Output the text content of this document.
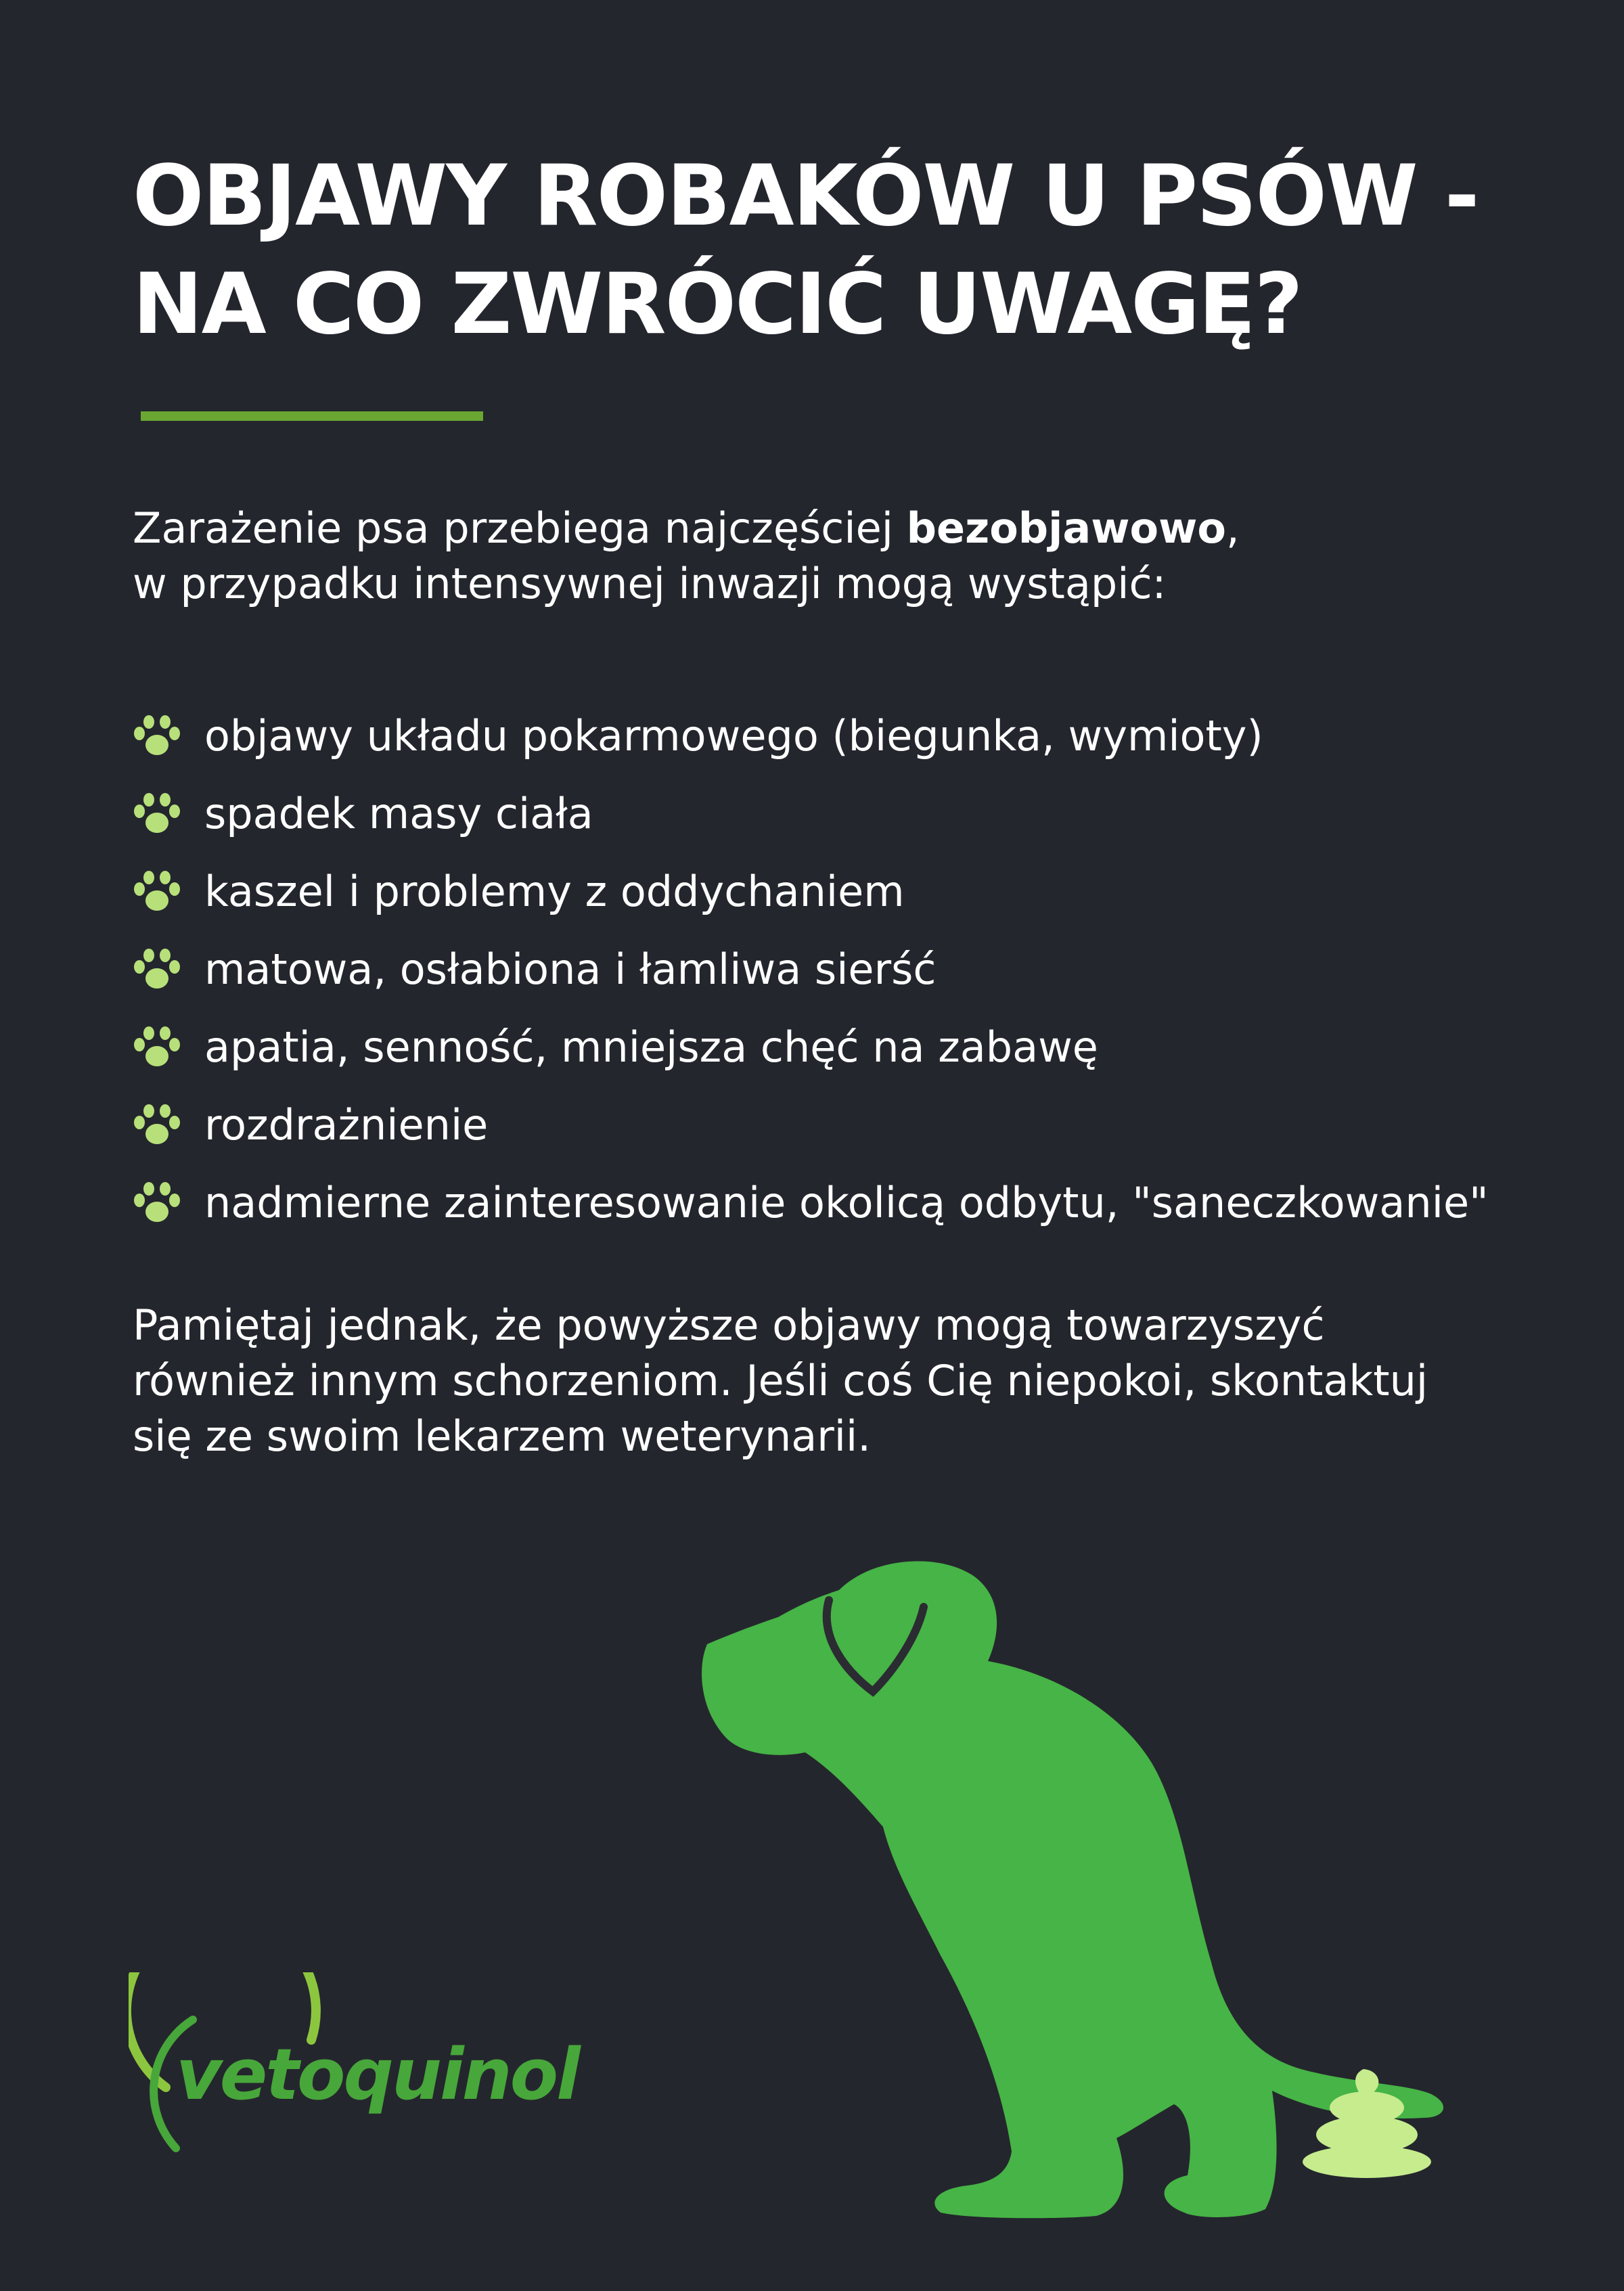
OBJAWY ROBAKÓW U PSÓW -
NA CO ZWRÓCIĆ UWAGĘ?

Zarażenie psa przebiega najczęściej bezobjawowo,
w przypadku intensywnej inwazji mogą wystąpić:

objawy układu pokarmowego (biegunka, wymioty)
spadek masy ciała
kaszel i problemy z oddychaniem
matowa, osłabiona i łamliwa sierść
apatia, senność, mniejsza chęć na zabawę
rozdrażnienie
nadmierne zainteresowanie okolicą odbytu, "saneczkowanie"

Pamiętaj jednak, że powyższe objawy mogą towarzyszyć
również innym schorzeniom. Jeśli coś Cię niepokoi, skontaktuj
się ze swoim lekarzem weterynarii.

vetoquinol
